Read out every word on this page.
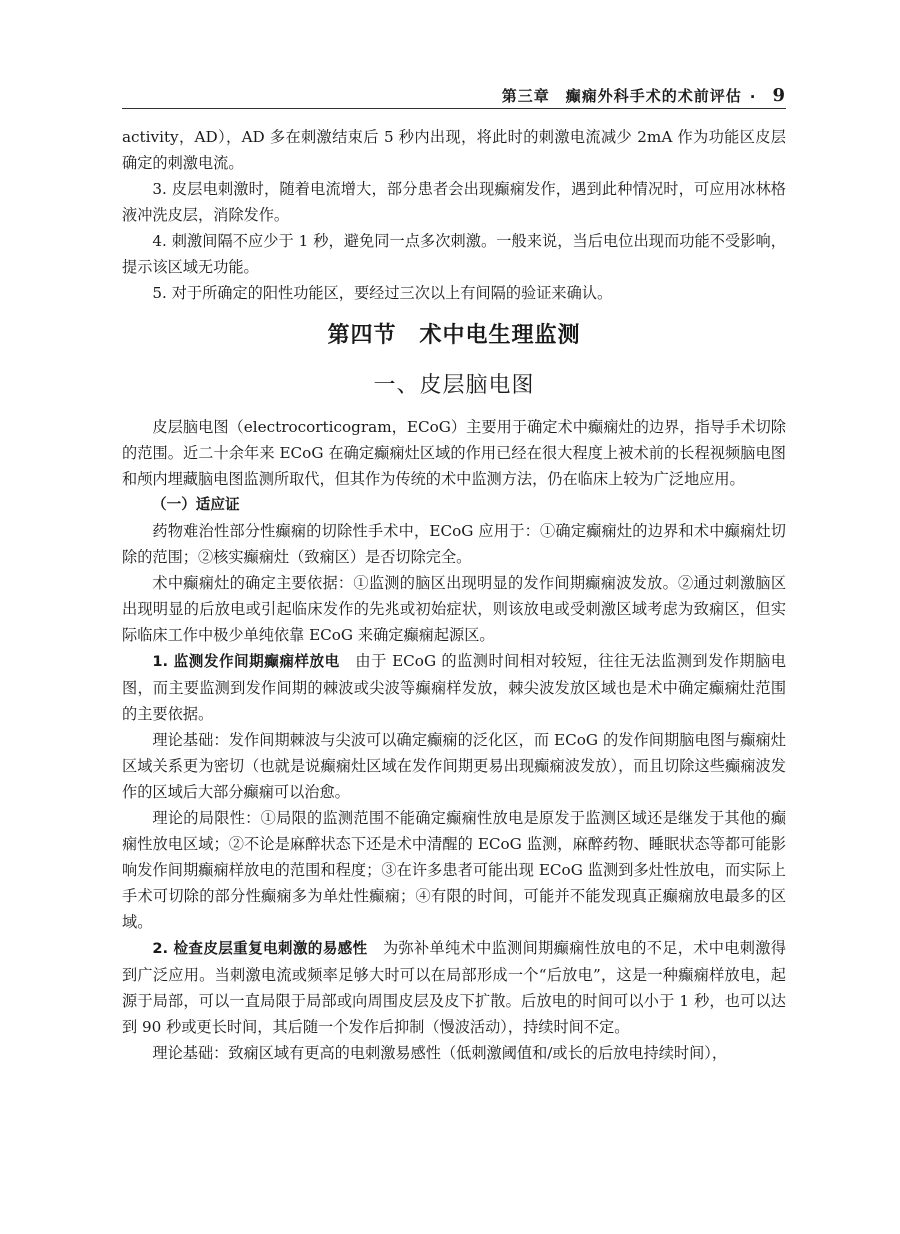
第三章 癫痫外科手术的术前评估 · 9

activity，AD），AD 多在刺激结束后 5 秒内出现，将此时的刺激电流减少 2mA 作为功能区皮层确定的刺激电流。

3. 皮层电刺激时，随着电流增大，部分患者会出现癫痫发作，遇到此种情况时，可应用冰林格液冲洗皮层，消除发作。

4. 刺激间隔不应少于 1 秒，避免同一点多次刺激。一般来说，当后电位出现而功能不受影响，提示该区域无功能。

5. 对于所确定的阳性功能区，要经过三次以上有间隔的验证来确认。

第四节　术中电生理监测
一、皮层脑电图

皮层脑电图（electrocorticogram，ECoG）主要用于确定术中癫痫灶的边界，指导手术切除的范围。近二十余年来 ECoG 在确定癫痫灶区域的作用已经在很大程度上被术前的长程视频脑电图和颅内埋藏脑电图监测所取代，但其作为传统的术中监测方法，仍在临床上较为广泛地应用。

（一）适应证

药物难治性部分性癫痫的切除性手术中，ECoG 应用于：①确定癫痫灶的边界和术中癫痫灶切除的范围；②核实癫痫灶（致痫区）是否切除完全。

术中癫痫灶的确定主要依据：①监测的脑区出现明显的发作间期癫痫波发放。②通过刺激脑区出现明显的后放电或引起临床发作的先兆或初始症状，则该放电或受刺激区域考虑为致痫区，但实际临床工作中极少单纯依靠 ECoG 来确定癫痫起源区。

1. 监测发作间期癫痫样放电　由于 ECoG 的监测时间相对较短，往往无法监测到发作期脑电图，而主要监测到发作间期的棘波或尖波等癫痫样发放，棘尖波发放区域也是术中确定癫痫灶范围的主要依据。

理论基础：发作间期棘波与尖波可以确定癫痫的泛化区，而 ECoG 的发作间期脑电图与癫痫灶区域关系更为密切（也就是说癫痫灶区域在发作间期更易出现癫痫波发放），而且切除这些癫痫波发作的区域后大部分癫痫可以治愈。

理论的局限性：①局限的监测范围不能确定癫痫性放电是原发于监测区域还是继发于其他的癫痫性放电区域；②不论是麻醉状态下还是术中清醒的 ECoG 监测，麻醉药物、睡眠状态等都可能影响发作间期癫痫样放电的范围和程度；③在许多患者可能出现 ECoG 监测到多灶性放电，而实际上手术可切除的部分性癫痫多为单灶性癫痫；④有限的时间，可能并不能发现真正癫痫放电最多的区域。

2. 检查皮层重复电刺激的易感性　为弥补单纯术中监测间期癫痫性放电的不足，术中电刺激得到广泛应用。当刺激电流或频率足够大时可以在局部形成一个“后放电”，这是一种癫痫样放电，起源于局部，可以一直局限于局部或向周围皮层及皮下扩散。后放电的时间可以小于 1 秒，也可以达到 90 秒或更长时间，其后随一个发作后抑制（慢波活动），持续时间不定。

理论基础：致痫区域有更高的电刺激易感性（低刺激阈值和/或长的后放电持续时间），
